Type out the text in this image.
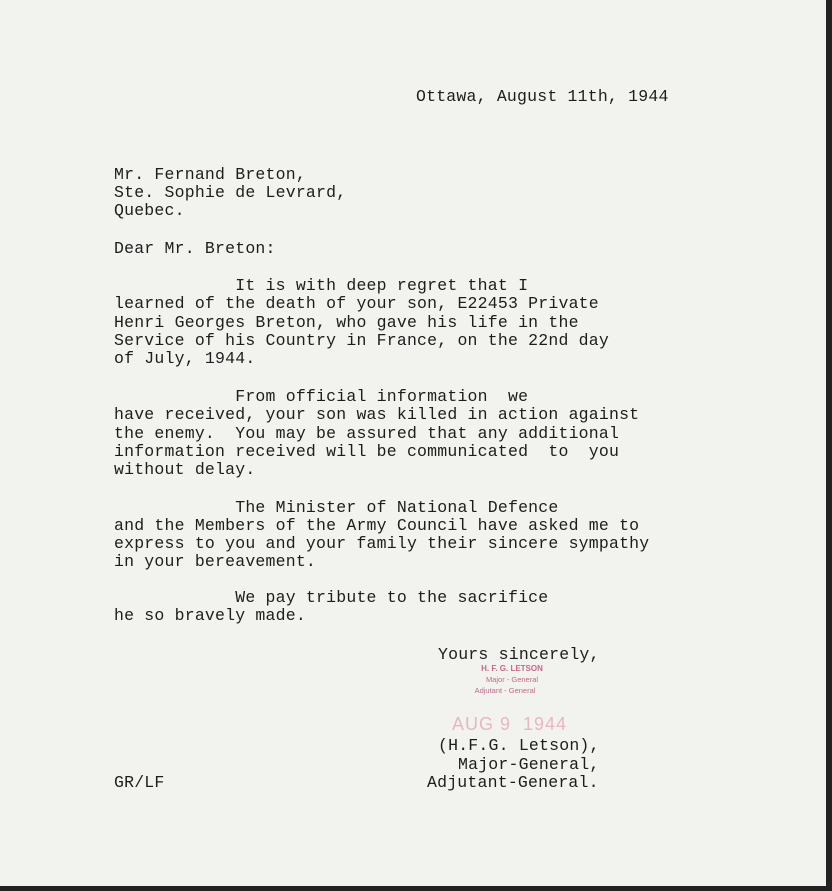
Ottawa, August 11th, 1944
Mr. Fernand Breton,
Ste. Sophie de Levrard,
Quebec.
Dear Mr. Breton:
It is with deep regret that I
learned of the death of your son, E22453 Private
Henri Georges Breton, who gave his life in the
Service of his Country in France, on the 22nd day
of July, 1944.
From official information  we
have received, your son was killed in action against
the enemy.  You may be assured that any additional
information received will be communicated  to  you
without delay.
The Minister of National Defence
and the Members of the Army Council have asked me to
express to you and your family their sincere sympathy
in your bereavement.
We pay tribute to the sacrifice
he so bravely made.
Yours sincerely,
H. F. G. LETSON
Major - General
Adjutant - General
AUG 9  1944
(H.F.G. Letson),
Major-General,
Adjutant-General.
GR/LF
